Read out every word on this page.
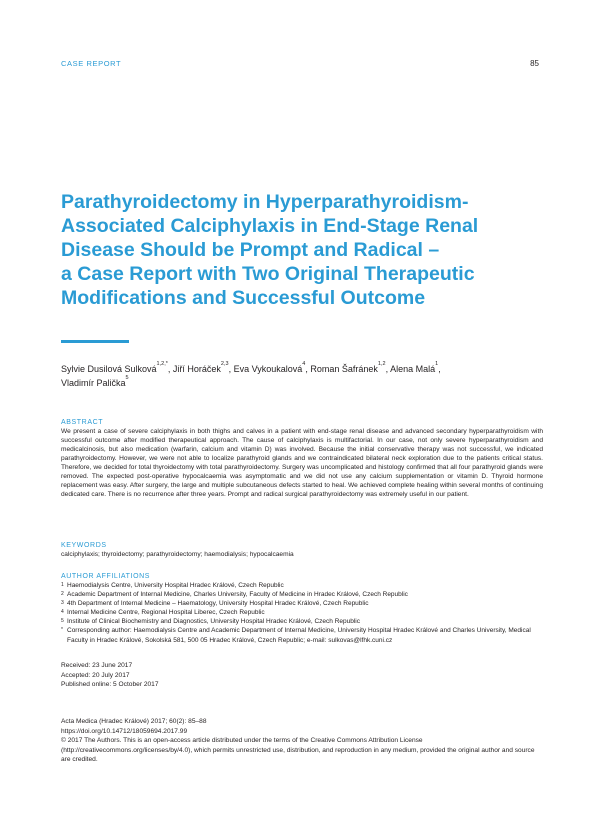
CASE REPORT	85
Parathyroidectomy in Hyperparathyroidism-
Associated Calciphylaxis in End-Stage Renal
Disease Should be Prompt and Radical –
a Case Report with Two Original Therapeutic
Modifications and Successful Outcome
Sylvie Dusilová Sulková$^{1,2,*}$, Jiří Horáček$^{2,3}$, Eva Vykoukalová$^4$, Roman Šafránek$^{1,2}$, Alena Malá$^1$,
Vladimír Palička$^5$
ABSTRACT

We present a case of severe calciphylaxis in both thighs and calves in a patient with end-stage renal disease and advanced secondary hyperparathyroidism with successful outcome after modified therapeutical approach. The cause of calciphylaxis is multifactorial. In our case, not only severe hyperparathyroidism and medicalcinosis, but also medication (warfarin, calcium and vitamin D) was involved. Because the initial conservative therapy was not successful, we indicated parathyroidectomy. However, we were not able to localize parathyroid glands and we contraindicated bilateral neck exploration due to the patients critical status. Therefore, we decided for total thyroidectomy with total parathyroidectomy. Surgery was uncomplicated and histology confirmed that all four parathyroid glands were removed. The expected post-operative hypocalcaemia was asymptomatic and we did not use any calcium supplementation or vitamin D. Thyroid hormone replacement was easy. After surgery, the large and multiple subcutaneous defects started to heal. We achieved complete healing within several months of continuing dedicated care. There is no recurrence after three years. Prompt and radical surgical parathyroidectomy was extremely useful in our patient.

KEYWORDS
calciphylaxis; thyroidectomy; parathyroidectomy; haemodialysis; hypocalcaemia
AUTHOR AFFILIATIONS
1 Haemodialysis Centre, University Hospital Hradec Králové, Czech Republic
2 Academic Department of Internal Medicine, Charles University, Faculty of Medicine in Hradec Králové, Czech Republic
3 4th Department of Internal Medicine – Haematology, University Hospital Hradec Králové, Czech Republic
4 Internal Medicine Centre, Regional Hospital Liberec, Czech Republic
5 Institute of Clinical Biochemistry and Diagnostics, University Hospital Hradec Králové, Czech Republic
* Corresponding author: Haemodialysis Centre and Academic Department of Internal Medicine, University Hospital Hradec Králové and Charles University, Medical Faculty in Hradec Králové, Sokolská 581, 500 05 Hradec Králové, Czech Republic; e-mail: sulkovas@lfhk.cuni.cz
Received: 23 June 2017
Accepted: 20 July 2017
Published online: 5 October 2017
Acta Medica (Hradec Králové) 2017; 60(2): 85–88
https://doi.org/10.14712/18059694.2017.99
© 2017 The Authors. This is an open-access article distributed under the terms of the Creative Commons Attribution License (http://creativecommons.org/licenses/by/4.0), which permits unrestricted use, distribution, and reproduction in any medium, provided the original author and source are credited.
